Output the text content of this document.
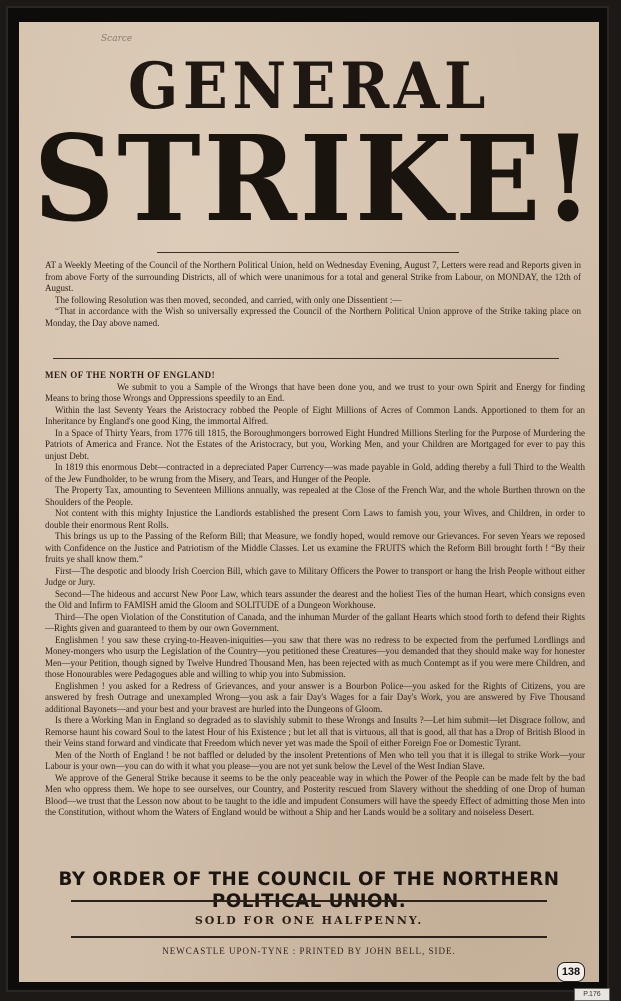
Scarce
GENERAL
STRIKE!

AT a Weekly Meeting of the Council of the Northern Political Union, held on Wednesday Evening, August 7, Letters were read and Reports given in from above Forty of the surrounding Districts, all of which were unanimous for a total and general Strike from Labour, on MONDAY, the 12th of August.

The following Resolution was then moved, seconded, and carried, with only one Dissentient :—

“That in accordance with the Wish so universally expressed the Council of the Northern Political Union approve of the Strike taking place on Monday, the Day above named.

MEN OF THE NORTH OF ENGLAND!

We submit to you a Sample of the Wrongs that have been done you, and we trust to your own Spirit and Energy for finding Means to bring those Wrongs and Oppressions speedily to an End.

Within the last Seventy Years the Aristocracy robbed the People of Eight Millions of Acres of Common Lands. Apportioned to them for an Inheritance by England's one good King, the immortal Alfred.

In a Space of Thirty Years, from 1776 till 1815, the Boroughmongers borrowed Eight Hundred Millions Sterling for the Purpose of Murdering the Patriots of America and France. Not the Estates of the Aristocracy, but you, Working Men, and your Children are Mortgaged for ever to pay this unjust Debt.

In 1819 this enormous Debt—contracted in a depreciated Paper Currency—was made payable in Gold, adding thereby a full Third to the Wealth of the Jew Fundholder, to be wrung from the Misery, and Tears, and Hunger of the People.

The Property Tax, amounting to Seventeen Millions annually, was repealed at the Close of the French War, and the whole Burthen thrown on the Shoulders of the People.

Not content with this mighty Injustice the Landlords established the present Corn Laws to famish you, your Wives, and Children, in order to double their enormous Rent Rolls.

This brings us up to the Passing of the Reform Bill; that Measure, we fondly hoped, would remove our Grievances. For seven Years we reposed with Confidence on the Justice and Patriotism of the Middle Classes. Let us examine the FRUITS which the Reform Bill brought forth ! “By their fruits ye shall know them.”

First—The despotic and bloody Irish Coercion Bill, which gave to Military Officers the Power to transport or hang the Irish People without either Judge or Jury.

Second—The hideous and accurst New Poor Law, which tears assunder the dearest and the holiest Ties of the human Heart, which consigns even the Old and Infirm to FAMISH amid the Gloom and SOLITUDE of a Dungeon Workhouse.

Third—The open Violation of the Constitution of Canada, and the inhuman Murder of the gallant Hearts which stood forth to defend their Rights—Rights given and guaranteed to them by our own Government.

Englishmen ! you saw these crying-to-Heaven-iniquities—you saw that there was no redress to be expected from the perfumed Lordlings and Money-mongers who usurp the Legislation of the Country—you petitioned these Creatures—you demanded that they should make way for honester Men—your Petition, though signed by Twelve Hundred Thousand Men, has been rejected with as much Contempt as if you were mere Children, and those Honourables were Pedagogues able and willing to whip you into Submission.

Englishmen ! you asked for a Redress of Grievances, and your answer is a Bourbon Police—you asked for the Rights of Citizens, you are answered by fresh Outrage and unexampled Wrong—you ask a fair Day's Wages for a fair Day's Work, you are answered by Five Thousand additional Bayonets—and your best and your bravest are hurled into the Dungeons of Gloom.

Is there a Working Man in England so degraded as to slavishly submit to these Wrongs and Insults ?—Let him submit—let Disgrace follow, and Remorse haunt his coward Soul to the latest Hour of his Existence ; but let all that is virtuous, all that is good, all that has a Drop of British Blood in their Veins stand forward and vindicate that Freedom which never yet was made the Spoil of either Foreign Foe or Domestic Tyrant.

Men of the North of England ! be not baffled or deluded by the insolent Pretentions of Men who tell you that it is illegal to strike Work—your Labour is your own—you can do with it what you please—you are not yet sunk below the Level of the West Indian Slave.

We approve of the General Strike because it seems to be the only peaceable way in which the Power of the People can be made felt by the bad Men who oppress them. We hope to see ourselves, our Country, and Posterity rescued from Slavery without the shedding of one Drop of human Blood—we trust that the Lesson now about to be taught to the idle and impudent Consumers will have the speedy Effect of admitting those Men into the Constitution, without whom the Waters of England would be without a Ship and her Lands would be a solitary and noiseless Desert.

BY ORDER OF THE COUNCIL OF THE NORTHERN POLITICAL UNION.
SOLD FOR ONE HALFPENNY.
NEWCASTLE UPON-TYNE : PRINTED BY JOHN BELL, SIDE.
138
P.176
